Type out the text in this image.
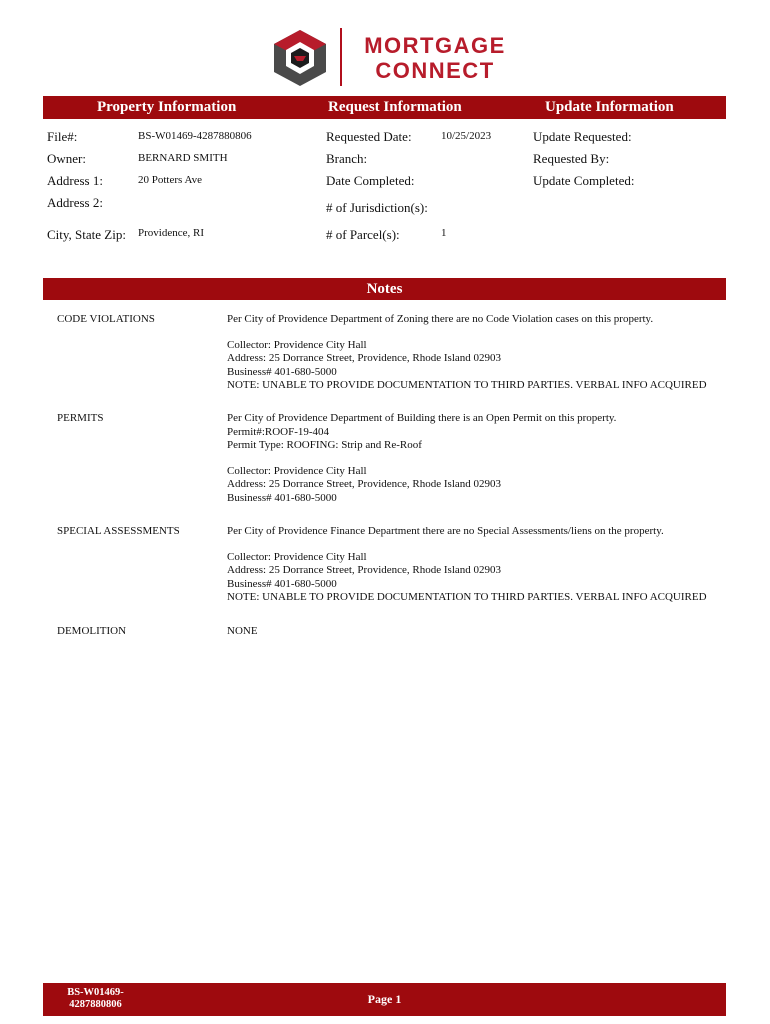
MORTGAGE
CONNECT
Property Information	Request Information	Update Information
File#:	BS-W01469-4287880806
Owner:	BERNARD SMITH
Address 1:	20 Potters Ave
Address 2:
City, State Zip: Providence, RI
Requested Date:	10/25/2023
Branch:
Date Completed:
# of Jurisdiction(s):
# of Parcel(s):	1
Update Requested:
Requested By:
Update Completed:
Notes
CODE VIOLATIONS	Per City of Providence Department of Zoning there are no Code Violation cases on this property.
Collector: Providence City Hall
Address: 25 Dorrance Street, Providence, Rhode Island 02903
Business# 401-680-5000
NOTE: UNABLE TO PROVIDE DOCUMENTATION TO THIRD PARTIES. VERBAL INFO ACQUIRED
PERMITS	Per City of Providence Department of Building there is an Open Permit on this property.
Permit#:ROOF-19-404
Permit Type: ROOFING: Strip and Re-Roof
Collector: Providence City Hall
Address: 25 Dorrance Street, Providence, Rhode Island 02903
Business# 401-680-5000
SPECIAL ASSESSMENTS	Per City of Providence Finance Department there are no Special Assessments/liens on the property.
Collector: Providence City Hall
Address: 25 Dorrance Street, Providence, Rhode Island 02903
Business# 401-680-5000
NOTE: UNABLE TO PROVIDE DOCUMENTATION TO THIRD PARTIES. VERBAL INFO ACQUIRED
DEMOLITION	NONE
BS-W01469-
4287880806	Page 1
